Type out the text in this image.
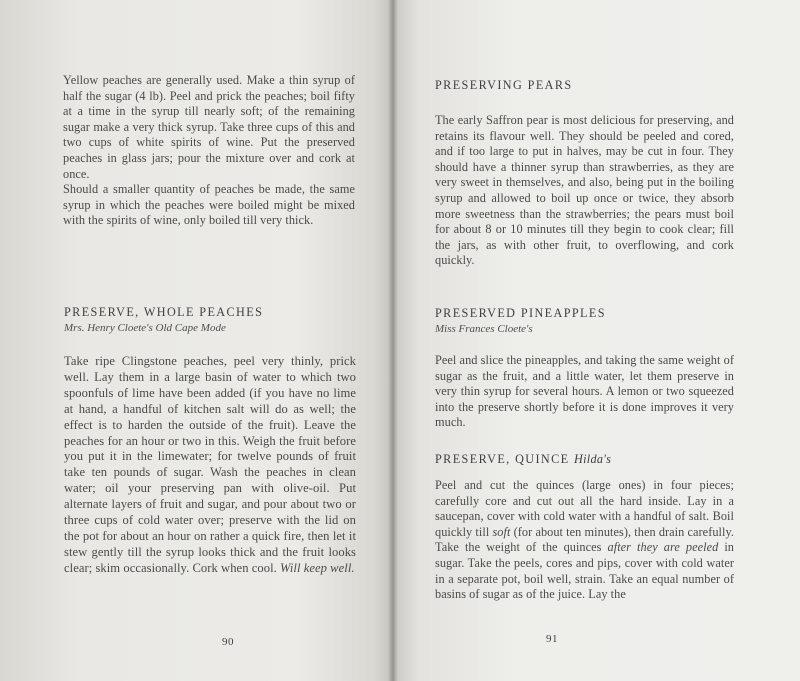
Yellow peaches are generally used. Make a thin syrup of half the sugar (4 lb). Peel and prick the peaches; boil fifty at a time in the syrup till nearly soft; of the remaining sugar make a very thick syrup. Take three cups of this and two cups of white spirits of wine. Put the preserved peaches in glass jars; pour the mixture over and cork at once.

Should a smaller quantity of peaches be made, the same syrup in which the peaches were boiled might be mixed with the spirits of wine, only boiled till very thick.

PRESERVE, WHOLE PEACHES

Mrs. Henry Cloete's Old Cape Mode

Take ripe Clingstone peaches, peel very thinly, prick well. Lay them in a large basin of water to which two spoonfuls of lime have been added (if you have no lime at hand, a handful of kitchen salt will do as well; the effect is to harden the outside of the fruit). Leave the peaches for an hour or two in this. Weigh the fruit before you put it in the limewater; for twelve pounds of fruit take ten pounds of sugar. Wash the peaches in clean water; oil your preserving pan with olive-oil. Put alternate layers of fruit and sugar, and pour about two or three cups of cold water over; preserve with the lid on the pot for about an hour on rather a quick fire, then let it stew gently till the syrup looks thick and the fruit looks clear; skim occasionally. Cork when cool. Will keep well.

90
PRESERVING PEARS

The early Saffron pear is most delicious for preserving, and retains its flavour well. They should be peeled and cored, and if too large to put in halves, may be cut in four. They should have a thinner syrup than strawberries, as they are very sweet in themselves, and also, being put in the boiling syrup and allowed to boil up once or twice, they absorb more sweetness than the strawberries; the pears must boil for about 8 or 10 minutes till they begin to cook clear; fill the jars, as with other fruit, to overflowing, and cork quickly.

PRESERVED PINEAPPLES

Miss Frances Cloete's

Peel and slice the pineapples, and taking the same weight of sugar as the fruit, and a little water, let them preserve in very thin syrup for several hours. A lemon or two squeezed into the preserve shortly before it is done improves it very much.

PRESERVE, QUINCE Hilda's

Peel and cut the quinces (large ones) in four pieces; carefully core and cut out all the hard inside. Lay in a saucepan, cover with cold water with a handful of salt. Boil quickly till soft (for about ten minutes), then drain carefully. Take the weight of the quinces after they are peeled in sugar. Take the peels, cores and pips, cover with cold water in a separate pot, boil well, strain. Take an equal number of basins of sugar as of the juice. Lay the

91
